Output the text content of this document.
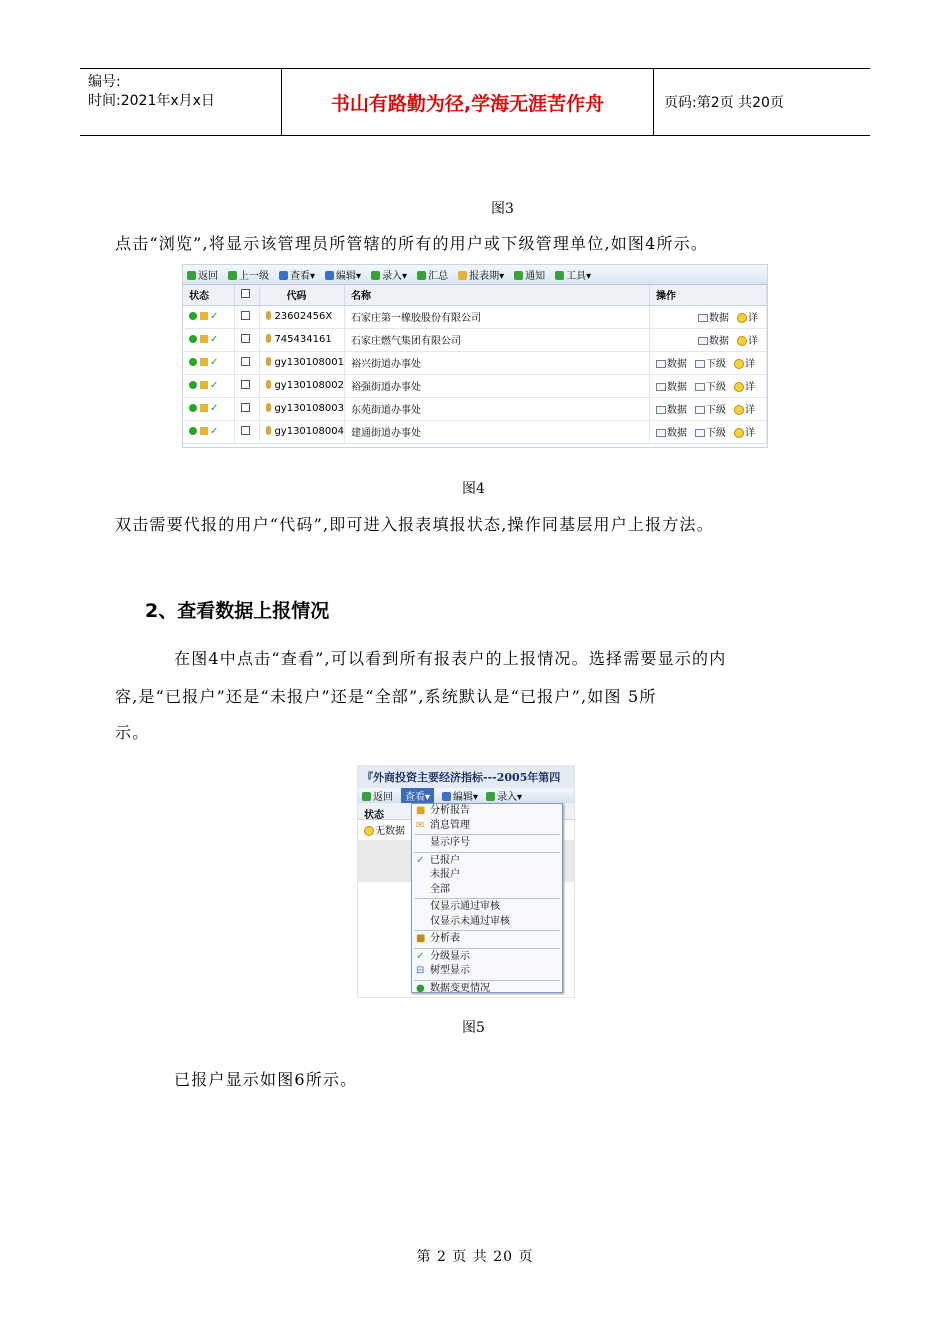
编号:
时间:2021年x月x日	书山有路勤为径,学海无涯苦作舟	页码:第2页 共20页
图3
点击“浏览”,将显示该管理员所管辖的所有的用户或下级管理单位,如图4所示。
返回	上一级	查看▾	编辑▾	录入▾	汇总	报表期▾	通知	工具▾
状态		代码	名称	操作
✓		23602456X	石家庄第一橡胶股份有限公司	数据 详
✓		745434161	石家庄燃气集团有限公司	数据 详
✓		gy130108001	裕兴街道办事处	数据 下级 详
✓		gy130108002	裕强街道办事处	数据 下级 详
✓		gy130108003	东苑街道办事处	数据 下级 详
✓		gy130108004	建通街道办事处	数据 下级 详
图4
双击需要代报的用户“代码”,即可进入报表填报状态,操作同基层用户上报方法。
2、查看数据上报情况
在图4中点击“查看”,可以看到所有报表户的上报情况。选择需要显示的内
容,是“已报户”还是“未报户”还是“全部”,系统默认是“已报户”,如图 5所
示。
『外商投资主要经济指标---2005年第四
返回	查看▾	编辑▾	录入▾
状态
无数据
■ 分析报告
✉ 消息管理
显示序号
✓ 已报户
未报户
全部
仅显示通过审核
仅显示未通过审核
■ 分析表
✓ 分级显示
⊟ 树型显示
● 数据变更情况
图5
已报户显示如图6所示。
第 2 页 共 20 页
